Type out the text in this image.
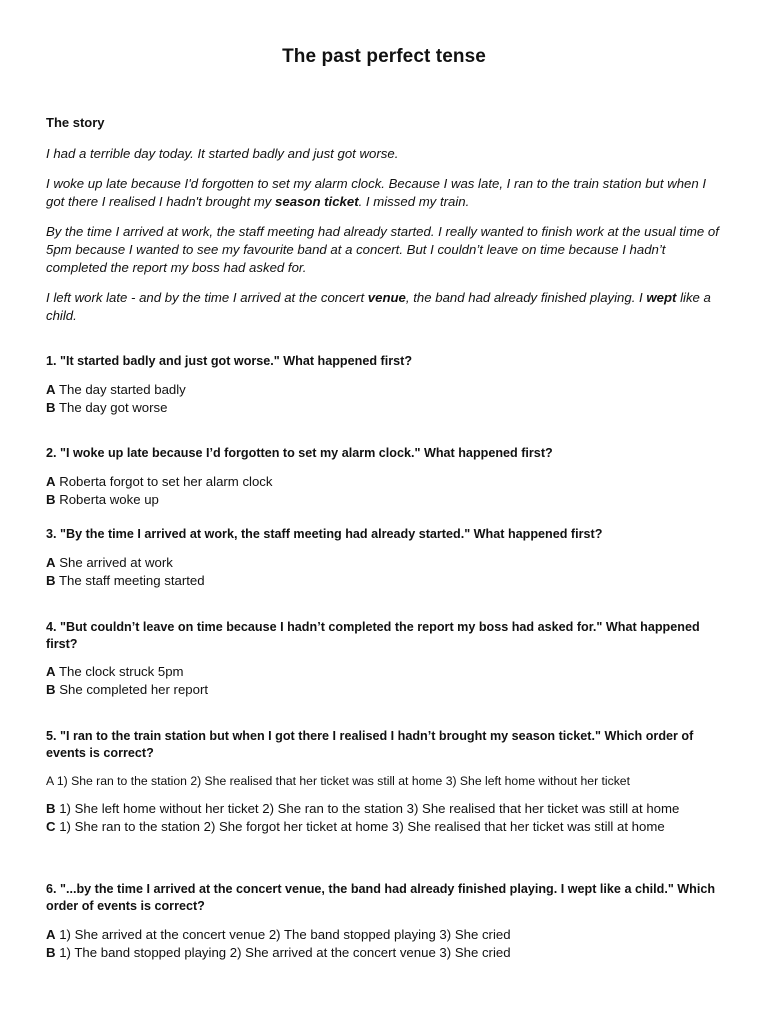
The past perfect tense
The story

I had a terrible day today. It started badly and just got worse.

I woke up late because I'd forgotten to set my alarm clock. Because I was late, I ran to the train station but when I got there I realised I hadn't brought my season ticket. I missed my train.

By the time I arrived at work, the staff meeting had already started. I really wanted to finish work at the usual time of 5pm because I wanted to see my favourite band at a concert. But I couldn’t leave on time because I hadn’t completed the report my boss had asked for.

I left work late - and by the time I arrived at the concert venue, the band had already finished playing. I wept like a child.

1. "It started badly and just got worse." What happened first?
A The day started badly
B The day got worse
2. "I woke up late because I’d forgotten to set my alarm clock." What happened first?
A Roberta forgot to set her alarm clock
B Roberta woke up
3. "By the time I arrived at work, the staff meeting had already started." What happened first?
A She arrived at work
B The staff meeting started
4. "But couldn’t leave on time because I hadn’t completed the report my boss had asked for." What happened first?
A The clock struck 5pm
B She completed her report
5. "I ran to the train station but when I got there I realised I hadn’t brought my season ticket." Which order of events is correct?
A 1) She ran to the station 2) She realised that her ticket was still at home 3) She left home without her ticket
B 1) She left home without her ticket 2) She ran to the station 3) She realised that her ticket was still at home
C 1) She ran to the station 2) She forgot her ticket at home 3) She realised that her ticket was still at home
6. "...by the time I arrived at the concert venue, the band had already finished playing. I wept like a child." Which order of events is correct?
A 1) She arrived at the concert venue 2) The band stopped playing 3) She cried
B 1) The band stopped playing 2) She arrived at the concert venue 3) She cried
